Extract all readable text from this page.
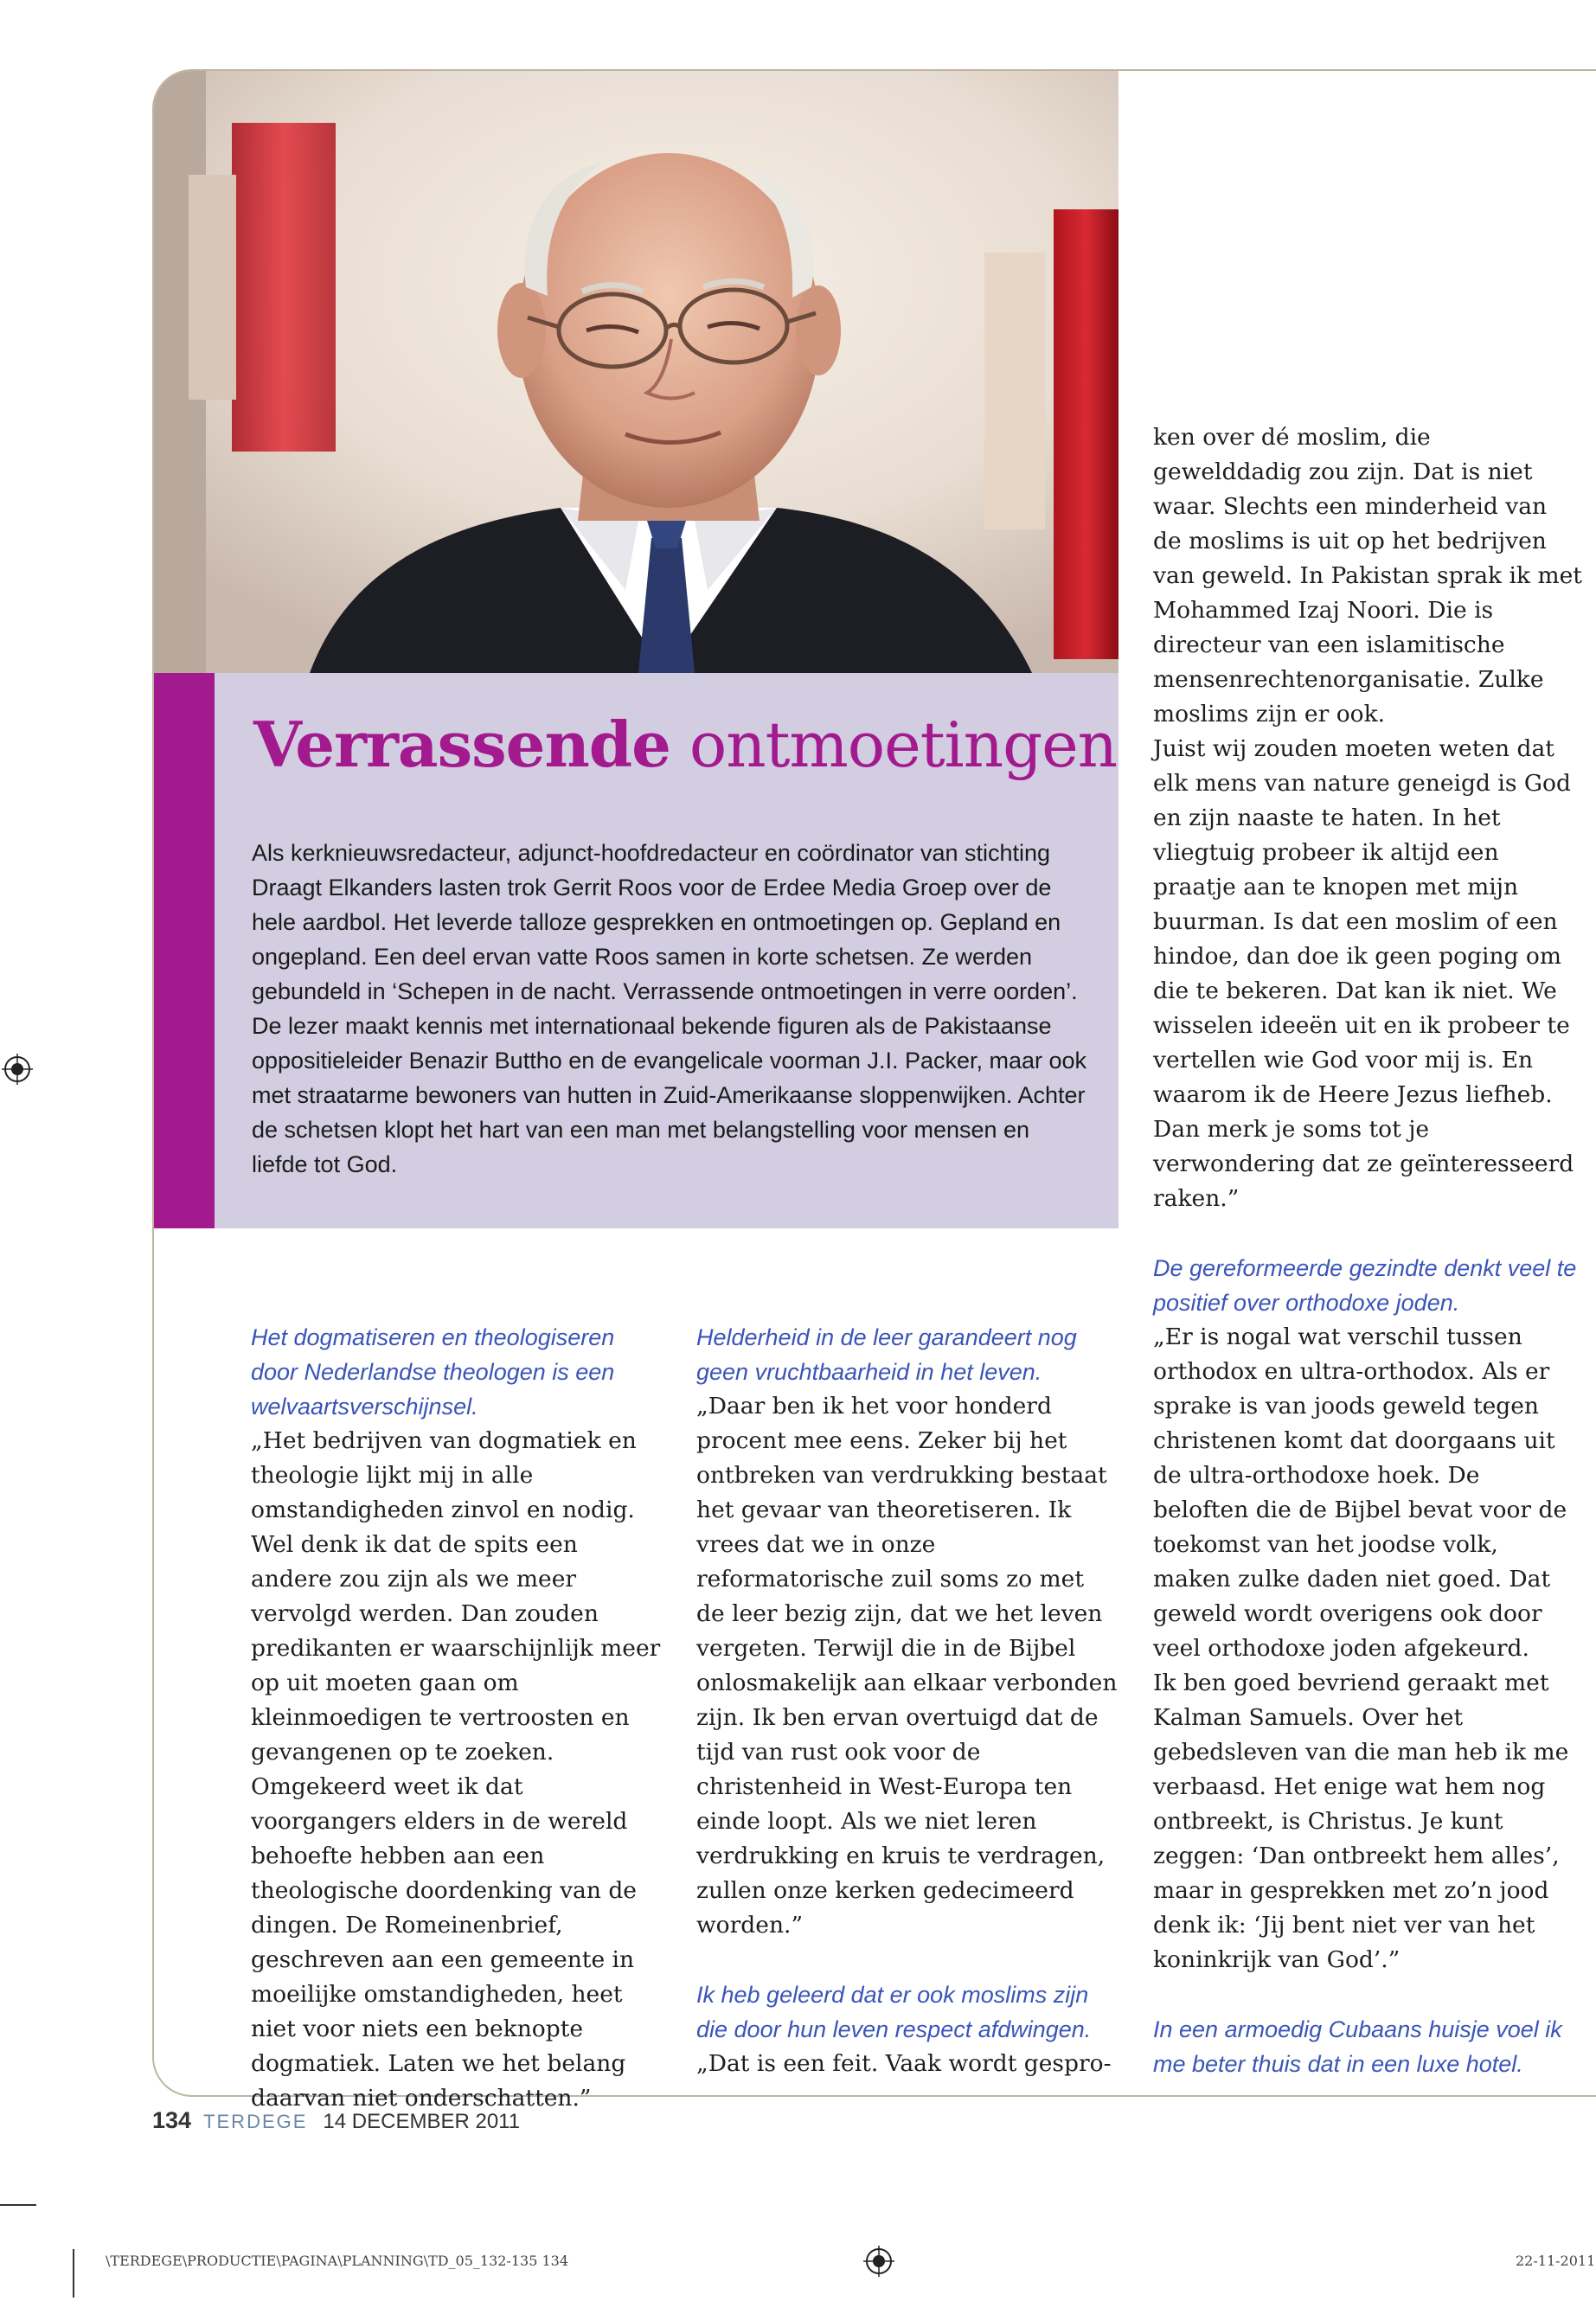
Verrassende ontmoetingen
Als kerknieuwsredacteur, adjunct-hoofdredacteur en coördinator van stichting Draagt Elkanders lasten trok Gerrit Roos voor de Erdee Media Groep over de hele aardbol. Het leverde talloze gesprekken en ontmoetingen op. Gepland en ongepland. Een deel ervan vatte Roos samen in korte schetsen. Ze werden gebundeld in ‘Schepen in de nacht. Verrassende ontmoetingen in verre oorden’. De lezer maakt kennis met internationaal bekende figuren als de Pakistaanse oppositieleider Benazir Buttho en de evangelicale voorman J.I. Packer, maar ook met straatarme bewoners van hutten in Zuid-Amerikaanse sloppenwijken. Achter de schetsen klopt het hart van een man met belangstelling voor mensen en liefde tot God.

Het dogmatiseren en theologiseren door Nederlandse theologen is een welvaartsverschijnsel.

„Het bedrijven van dogmatiek en theologie lijkt mij in alle omstandigheden zinvol en nodig. Wel denk ik dat de spits een andere zou zijn als we meer vervolgd werden. Dan zouden predikanten er waarschijnlijk meer op uit moeten gaan om kleinmoedigen te vertroosten en gevangenen op te zoeken.

Omgekeerd weet ik dat voorgangers elders in de wereld behoefte hebben aan een theologische doordenking van de dingen. De Romeinenbrief, geschreven aan een gemeente in moeilijke omstandigheden, heet niet voor niets een beknopte dogmatiek. Laten we het belang daarvan niet onderschatten.”

Helderheid in de leer garandeert nog geen vruchtbaarheid in het leven.

„Daar ben ik het voor honderd procent mee eens. Zeker bij het ontbreken van verdrukking bestaat het gevaar van theoretiseren. Ik vrees dat we in onze reformatorische zuil soms zo met de leer bezig zijn, dat we het leven vergeten. Terwijl die in de Bijbel onlosmakelijk aan elkaar verbonden zijn. Ik ben ervan overtuigd dat de tijd van rust ook voor de christenheid in West-Europa ten einde loopt. Als we niet leren verdrukking en kruis te verdragen, zullen onze kerken gedecimeerd worden.”

Ik heb geleerd dat er ook moslims zijn die door hun leven respect afdwingen.

„Dat is een feit. Vaak wordt gespro-

ken over dé moslim, die gewelddadig zou zijn. Dat is niet waar. Slechts een minderheid van de moslims is uit op het bedrijven van geweld. In Pakistan sprak ik met Mohammed Izaj Noori. Die is directeur van een islamitische mensenrechtenorganisatie. Zulke moslims zijn er ook.

Juist wij zouden moeten weten dat elk mens van nature geneigd is God en zijn naaste te haten. In het vliegtuig probeer ik altijd een praatje aan te knopen met mijn buurman. Is dat een moslim of een hindoe, dan doe ik geen poging om die te bekeren. Dat kan ik niet. We wisselen ideeën uit en ik probeer te vertellen wie God voor mij is. En waarom ik de Heere Jezus liefheb. Dan merk je soms tot je verwondering dat ze geïnteresseerd raken.”

De gereformeerde gezindte denkt veel te positief over orthodoxe joden.

„Er is nogal wat verschil tussen orthodox en ultra-orthodox. Als er sprake is van joods geweld tegen christenen komt dat doorgaans uit de ultra-orthodoxe hoek. De beloften die de Bijbel bevat voor de toekomst van het joodse volk, maken zulke daden niet goed. Dat geweld wordt overigens ook door veel orthodoxe joden afgekeurd.

Ik ben goed bevriend geraakt met Kalman Samuels. Over het gebedsleven van die man heb ik me verbaasd. Het enige wat hem nog ontbreekt, is Christus. Je kunt zeggen: ‘Dan ontbreekt hem alles’, maar in gesprekken met zo’n jood denk ik: ‘Jij bent niet ver van het koninkrijk van God’.”

In een armoedig Cubaans huisje voel ik me beter thuis dat in een luxe hotel.

134 TERDEGE 14 DECEMBER 2011
\TERDEGE\PRODUCTIE\PAGINA\PLANNING\TD_05_132-135 134	22-11-2011
